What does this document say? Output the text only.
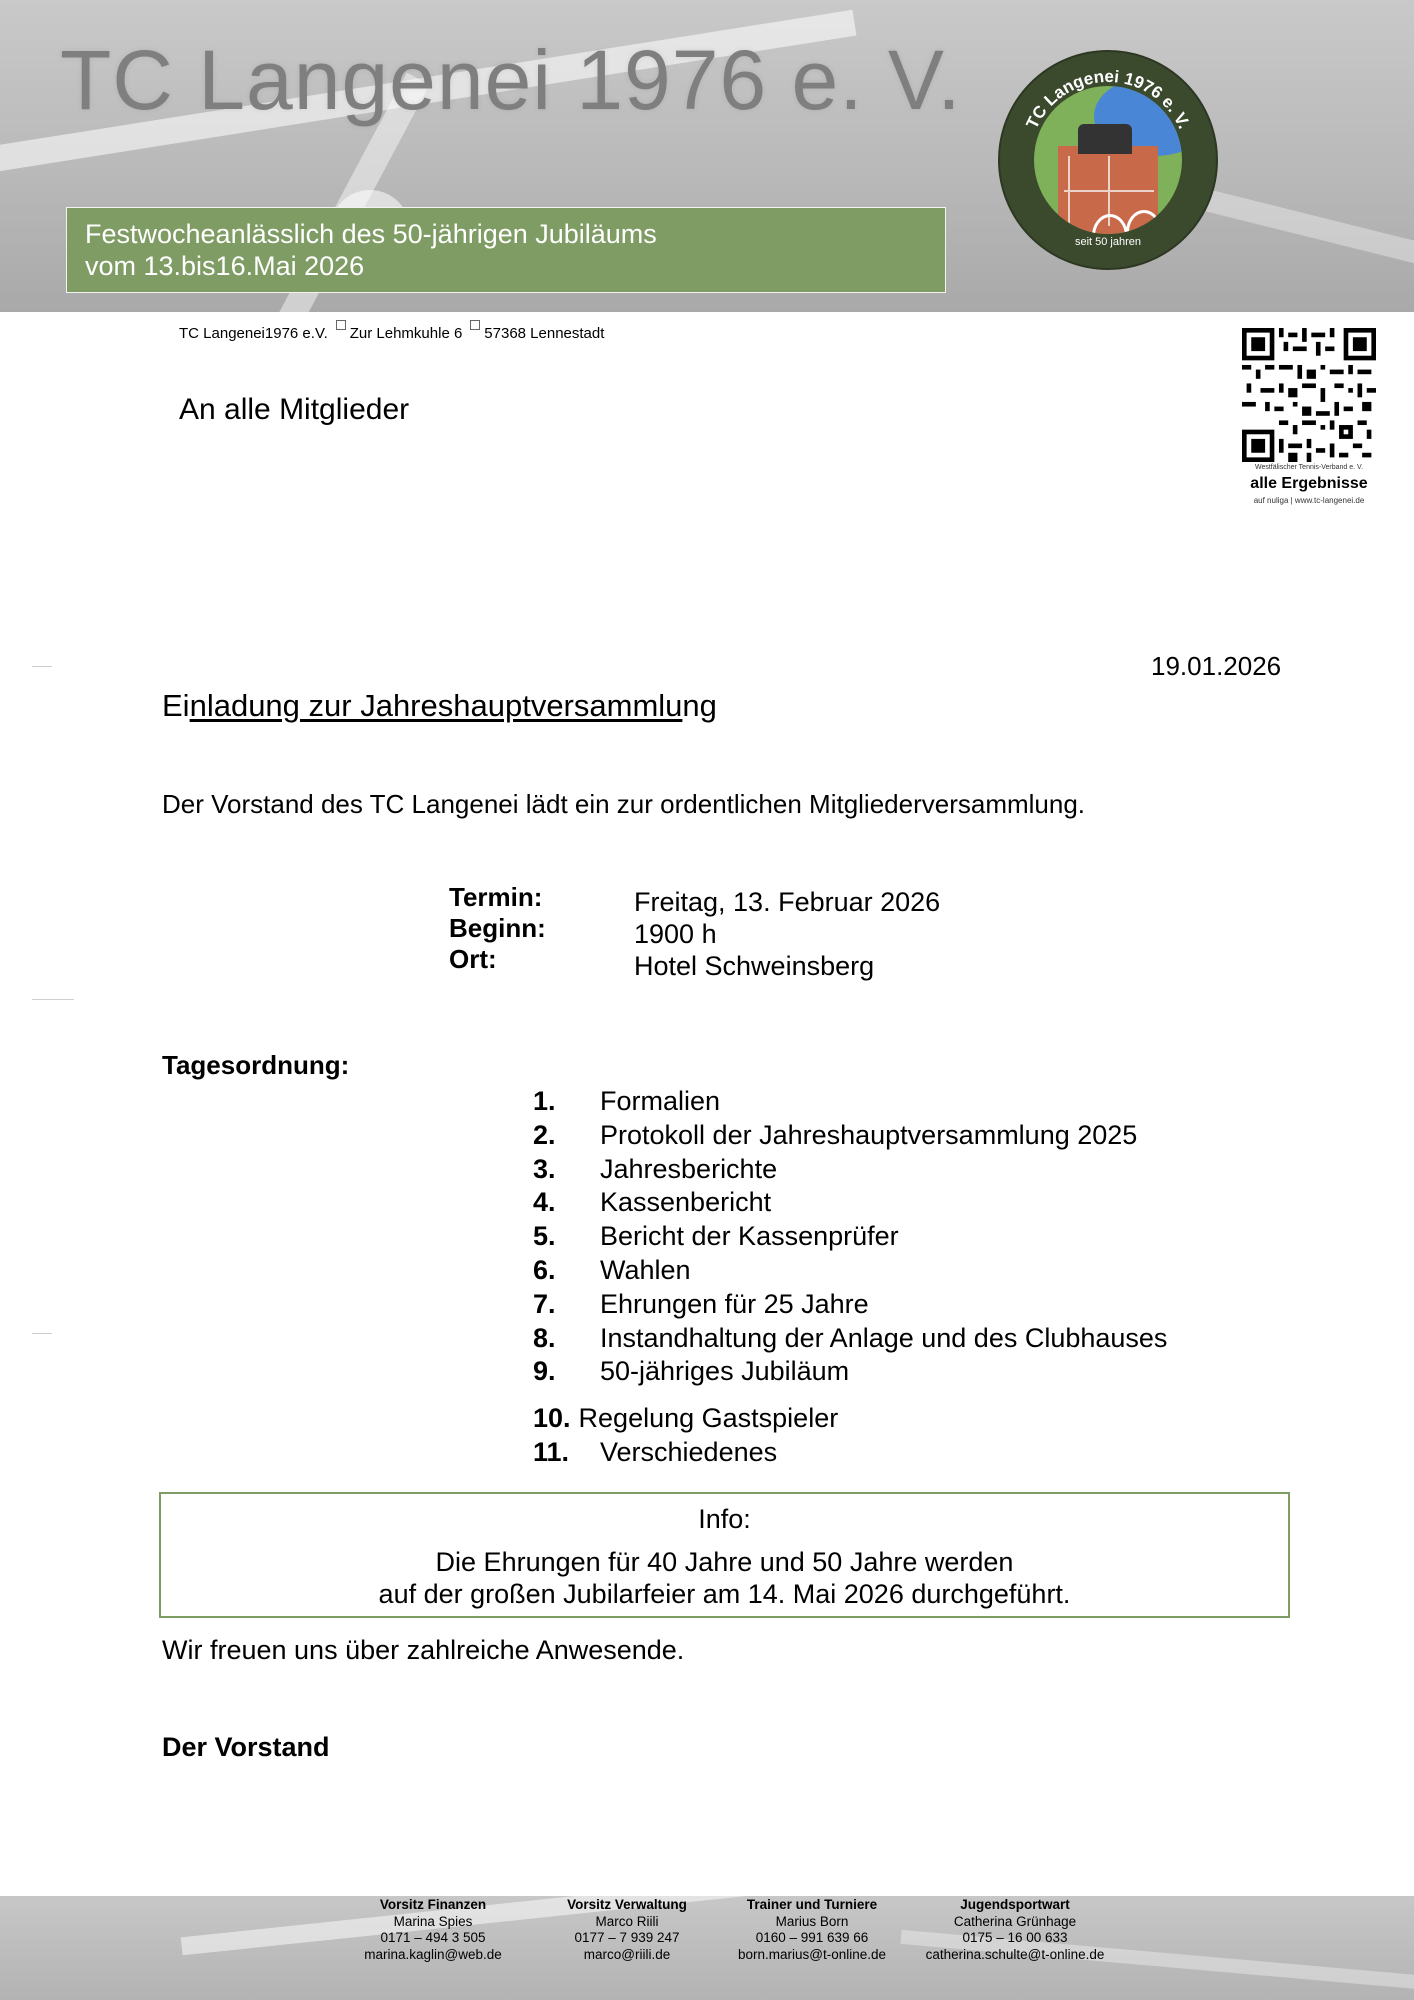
TC Langenei 1976 e. V.
Festwocheanlässlich des 50-jährigen Jubiläums
vom 13.bis16.Mai 2026
TC Langenei 1976 e. V.
seit 50 jahren
TC Langenei1976 e.V. Zur Lehmkuhle 6 57368 Lennestadt
An alle Mitglieder
Westfälischer Tennis-Verband e. V.
alle Ergebnisse
auf nuliga | www.tc-langenei.de
19.01.2026
Einladung zur Jahreshauptversammlung
Der Vorstand des TC Langenei lädt ein zur ordentlichen Mitgliederversammlung.
Termin:
Beginn:
Ort:
Freitag, 13. Februar 2026
1900 h
Hotel Schweinsberg
Tagesordnung:
1. Formalien
2. Protokoll der Jahreshauptversammlung 2025
3. Jahresberichte
4. Kassenbericht
5. Bericht der Kassenprüfer
6. Wahlen
7. Ehrungen für 25 Jahre
8. Instandhaltung der Anlage und des Clubhauses
9. 50-jähriges Jubiläum
10. Regelung Gastspieler
11. Verschiedenes
Info:
Die Ehrungen für 40 Jahre und 50 Jahre werden
auf der großen Jubilarfeier am 14. Mai 2026 durchgeführt.
Wir freuen uns über zahlreiche Anwesende.
Der Vorstand
Vorsitz Finanzen
Marina Spies
0171 – 494 3 505
marina.kaglin@web.de
Vorsitz Verwaltung
Marco Riili
0177 – 7 939 247
marco@riili.de
Trainer und Turniere
Marius Born
0160 – 991 639 66
born.marius@t-online.de
Jugendsportwart
Catherina Grünhage
0175 – 16 00 633
catherina.schulte@t-online.de
